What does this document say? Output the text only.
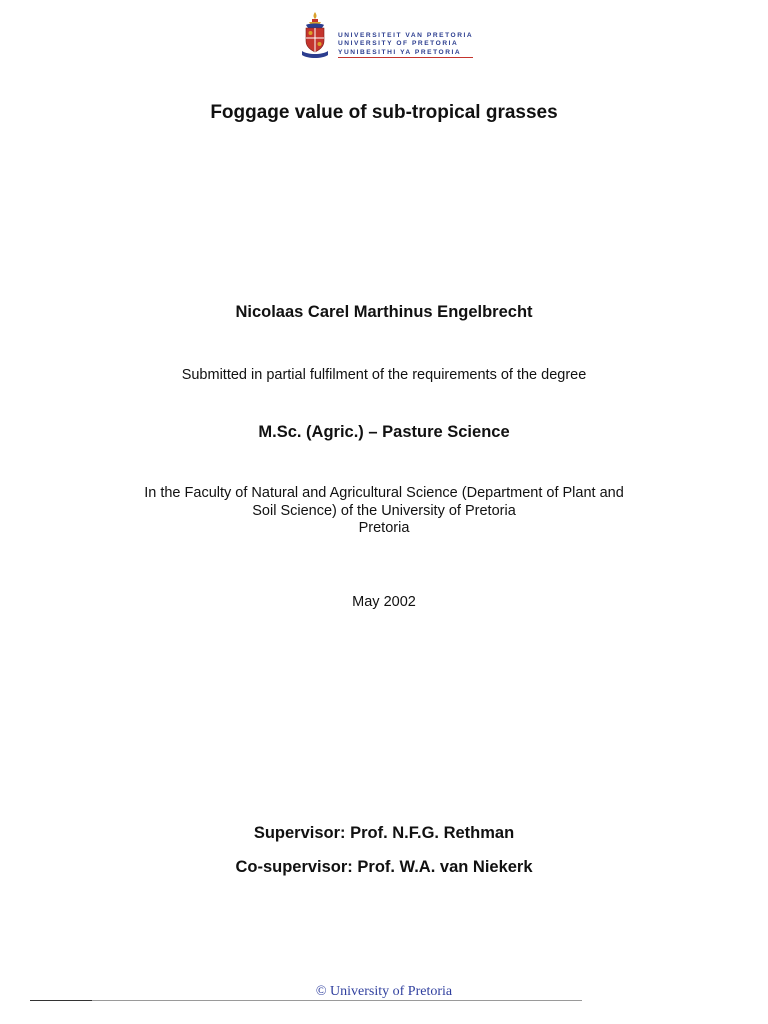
UNIVERSITEIT VAN PRETORIA
UNIVERSITY OF PRETORIA
YUNIBESITHI YA PRETORIA
Foggage value of sub-tropical grasses
Nicolaas Carel Marthinus Engelbrecht
Submitted in partial fulfilment of the requirements of the degree
M.Sc. (Agric.) – Pasture Science
In the Faculty of Natural and Agricultural Science (Department of Plant and
Soil Science) of the University of Pretoria
Pretoria
May 2002
Supervisor: Prof. N.F.G. Rethman
Co-supervisor: Prof. W.A. van Niekerk
© University of Pretoria
